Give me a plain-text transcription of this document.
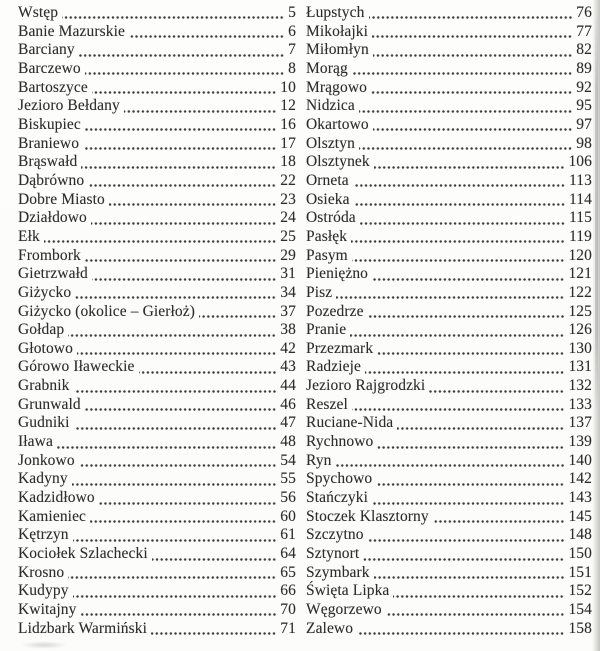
Wstęp	5
Banie Mazurskie	6
Barciany	7
Barczewo	8
Bartoszyce	10
Jezioro Bełdany	12
Biskupiec	16
Braniewo	17
Brąswałd	18
Dąbrówno	22
Dobre Miasto	23
Działdowo	24
Ełk	25
Frombork	29
Gietrzwałd	31
Giżycko	34
Giżycko (okolice – Gierłoż)	37
Gołdap	38
Głotowo	42
Górowo Iławeckie	43
Grabnik	44
Grunwald	46
Gudniki	47
Iława	48
Jonkowo	54
Kadyny	55
Kadzidłowo	56
Kamieniec	60
Kętrzyn	61
Kociołek Szlachecki	64
Krosno	65
Kudypy	66
Kwitajny	70
Lidzbark Warmiński	71
Łupstych	76
Mikołajki	77
Miłomłyn	82
Morąg	89
Mrągowo	92
Nidzica	95
Okartowo	97
Olsztyn	98
Olsztynek	106
Orneta	113
Osieka	114
Ostróda	115
Pasłęk	119
Pasym	120
Pieniężno	121
Pisz	122
Pozedrze	125
Pranie	126
Przezmark	130
Radzieje	131
Jezioro Rajgrodzki	132
Reszel	133
Ruciane-Nida	137
Rychnowo	139
Ryn	140
Spychowo	142
Stańczyki	143
Stoczek Klasztorny	145
Szczytno	148
Sztynort	150
Szymbark	151
Święta Lipka	152
Węgorzewo	154
Zalewo	158
